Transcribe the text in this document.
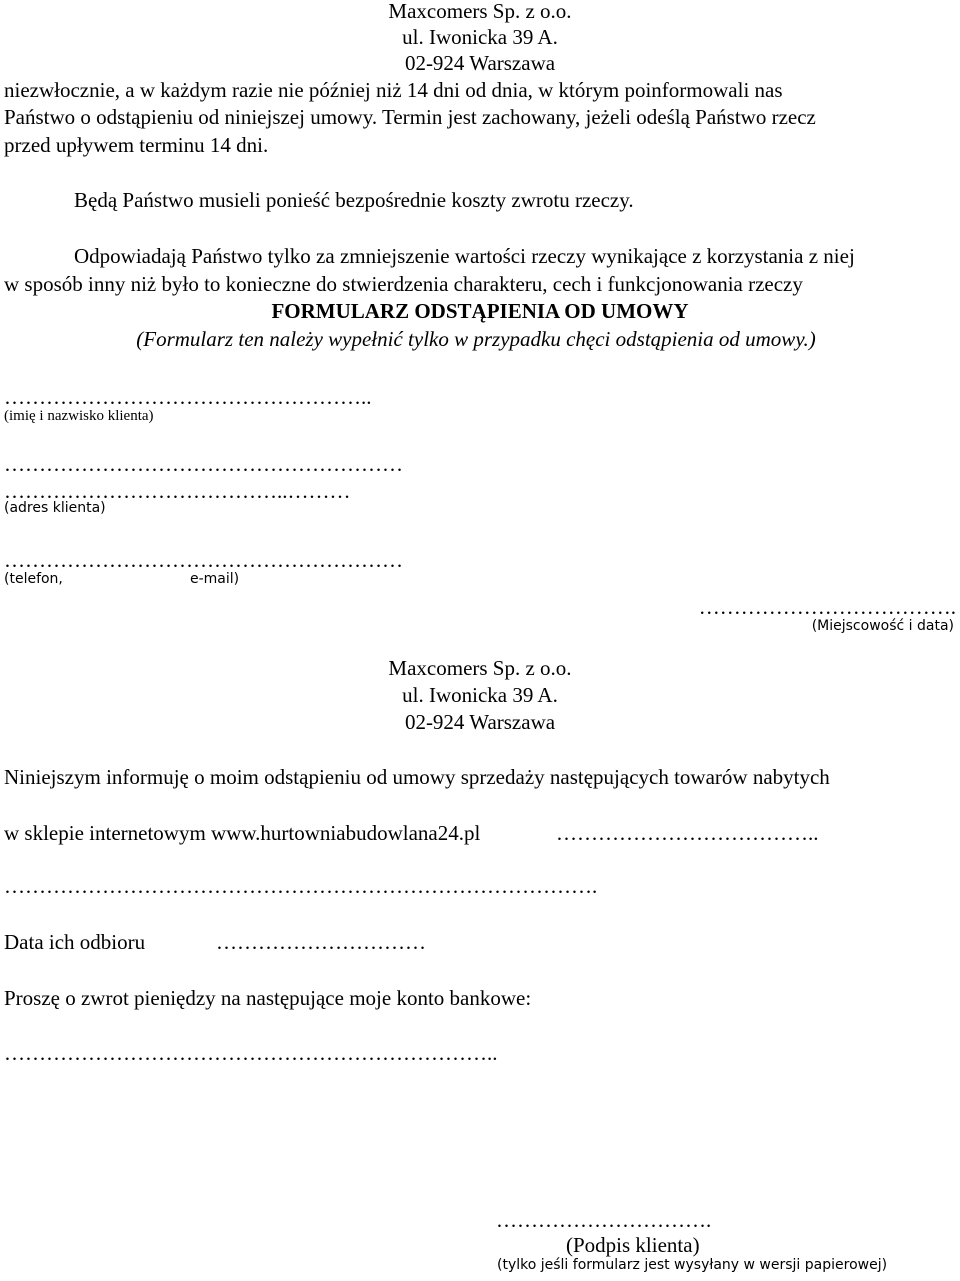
Maxcomers Sp. z o.o.
ul. Iwonicka 39 A.
02-924 Warszawa
niezwłocznie, a w każdym razie nie później niż 14 dni od dnia, w którym poinformowali nas
Państwo o odstąpieniu od niniejszej umowy. Termin jest zachowany, jeżeli odeślą Państwo rzecz
przed upływem terminu 14 dni.
Będą Państwo musieli ponieść bezpośrednie koszty zwrotu rzeczy.
Odpowiadają Państwo tylko za zmniejszenie wartości rzeczy wynikające z korzystania z niej
w sposób inny niż było to konieczne do stwierdzenia charakteru, cech i funkcjonowania rzeczy
FORMULARZ ODSTĄPIENIA OD UMOWY
(Formularz ten należy wypełnić tylko w przypadku chęci odstąpienia od umowy.)
……………………………………………..
(imię i nazwisko klienta)
…………………………………………………
…………………………………..………
(adres klienta)
…………………………………………………
(telefon,	e-mail)
……………………………….
(Miejscowość i data)
Maxcomers Sp. z o.o.
ul. Iwonicka 39 A.
02-924 Warszawa
Niniejszym informuję o moim odstąpieniu od umowy sprzedaży następujących towarów nabytych
w sklepie internetowym www.hurtowniabudowlana24.pl	………………………………..
………………………………………………………………………….
Data ich odbioru	…………………………
Proszę o zwrot pieniędzy na następujące moje konto bankowe:
……………………………………………………………..
………………………….
(Podpis klienta)
(tylko jeśli formularz jest wysyłany w wersji papierowej)
